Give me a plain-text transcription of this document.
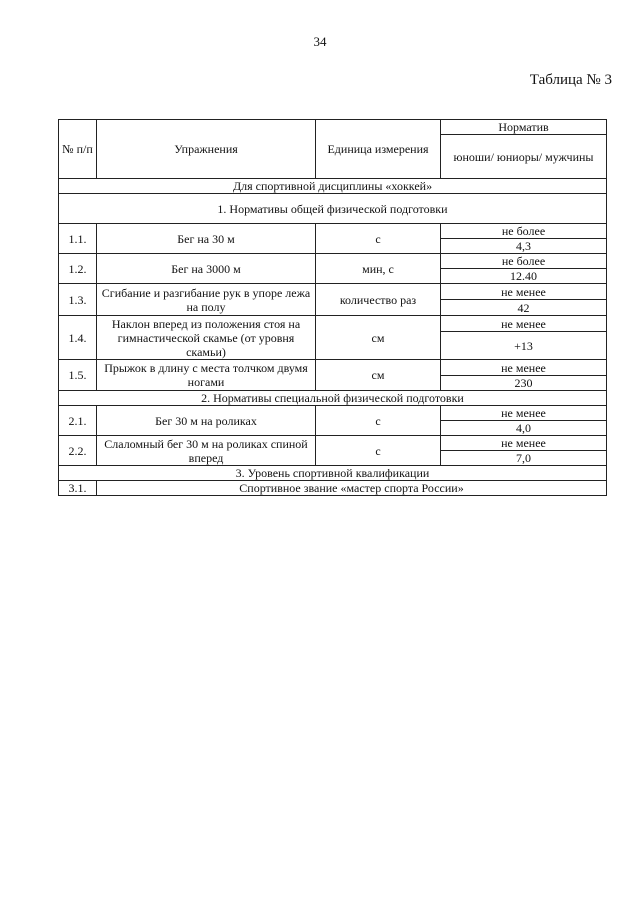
34
Таблица № 3
№ п/п	Упражнения	Единица измерения	Норматив
			юноши/ юниоры/ мужчины
Для спортивной дисциплины «хоккей»			
1. Нормативы общей физической подготовки			
1.1.	Бег на 30 м	с	не более
			4,3
1.2.	Бег на 3000 м	мин, с	не более
			12.40
1.3.	Сгибание и разгибание рук в упоре лежа на полу	количество раз	не менее
			42
1.4.	Наклон вперед из положения стоя на гимнастической скамье (от уровня скамьи)	см	не менее
			+13
1.5.	Прыжок в длину с места толчком двумя ногами	см	не менее
			230
2. Нормативы специальной физической подготовки			
2.1.	Бег 30 м на роликах	с	не менее
			4,0
2.2.	Слаломный бег 30 м на роликах спиной вперед	с	не менее
			7,0
3. Уровень спортивной квалификации			
3.1.	Спортивное звание «мастер спорта России»		
